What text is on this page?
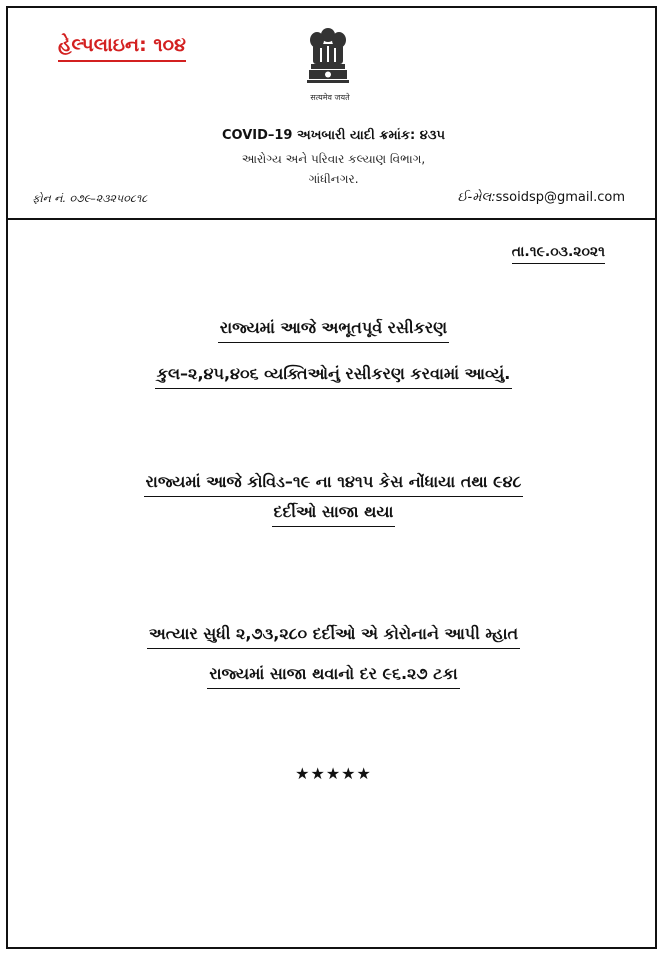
હેલ્પલાઇન: ૧૦૪
सत्यमेव जयते
COVID–19 અખબારી યાદી ક્રમાંક: ૪૩૫
આરોગ્ય અને પરિવાર કલ્યાણ વિભાગ,
ગાંધીનગર.
ફોન નં. ૦૭૯–૨૩૨૫૦૮૧૮	ઈ-મેલ:ssoidsp@gmail.com
તા.૧૯.૦૩.૨૦૨૧
રાજ્યમાં આજે અભૂતપૂર્વ રસીકરણ
કુલ–૨,૪૫,૪૦૬ વ્યક્તિઓનું રસીકરણ કરવામાં આવ્યું.
રાજ્યમાં આજે કોવિડ–૧૯ ના ૧૪૧૫ કેસ નોંધાયા તથા ૯૪૮
દર્દીઓ સાજા થયા
અત્યાર સુધી ૨,૭૩,૨૮૦ દર્દીઓ એ કોરોનાને આપી મ્હાત
રાજ્યમાં સાજા થવાનો દર ૯૬.૨૭ ટકા
★★★★★
